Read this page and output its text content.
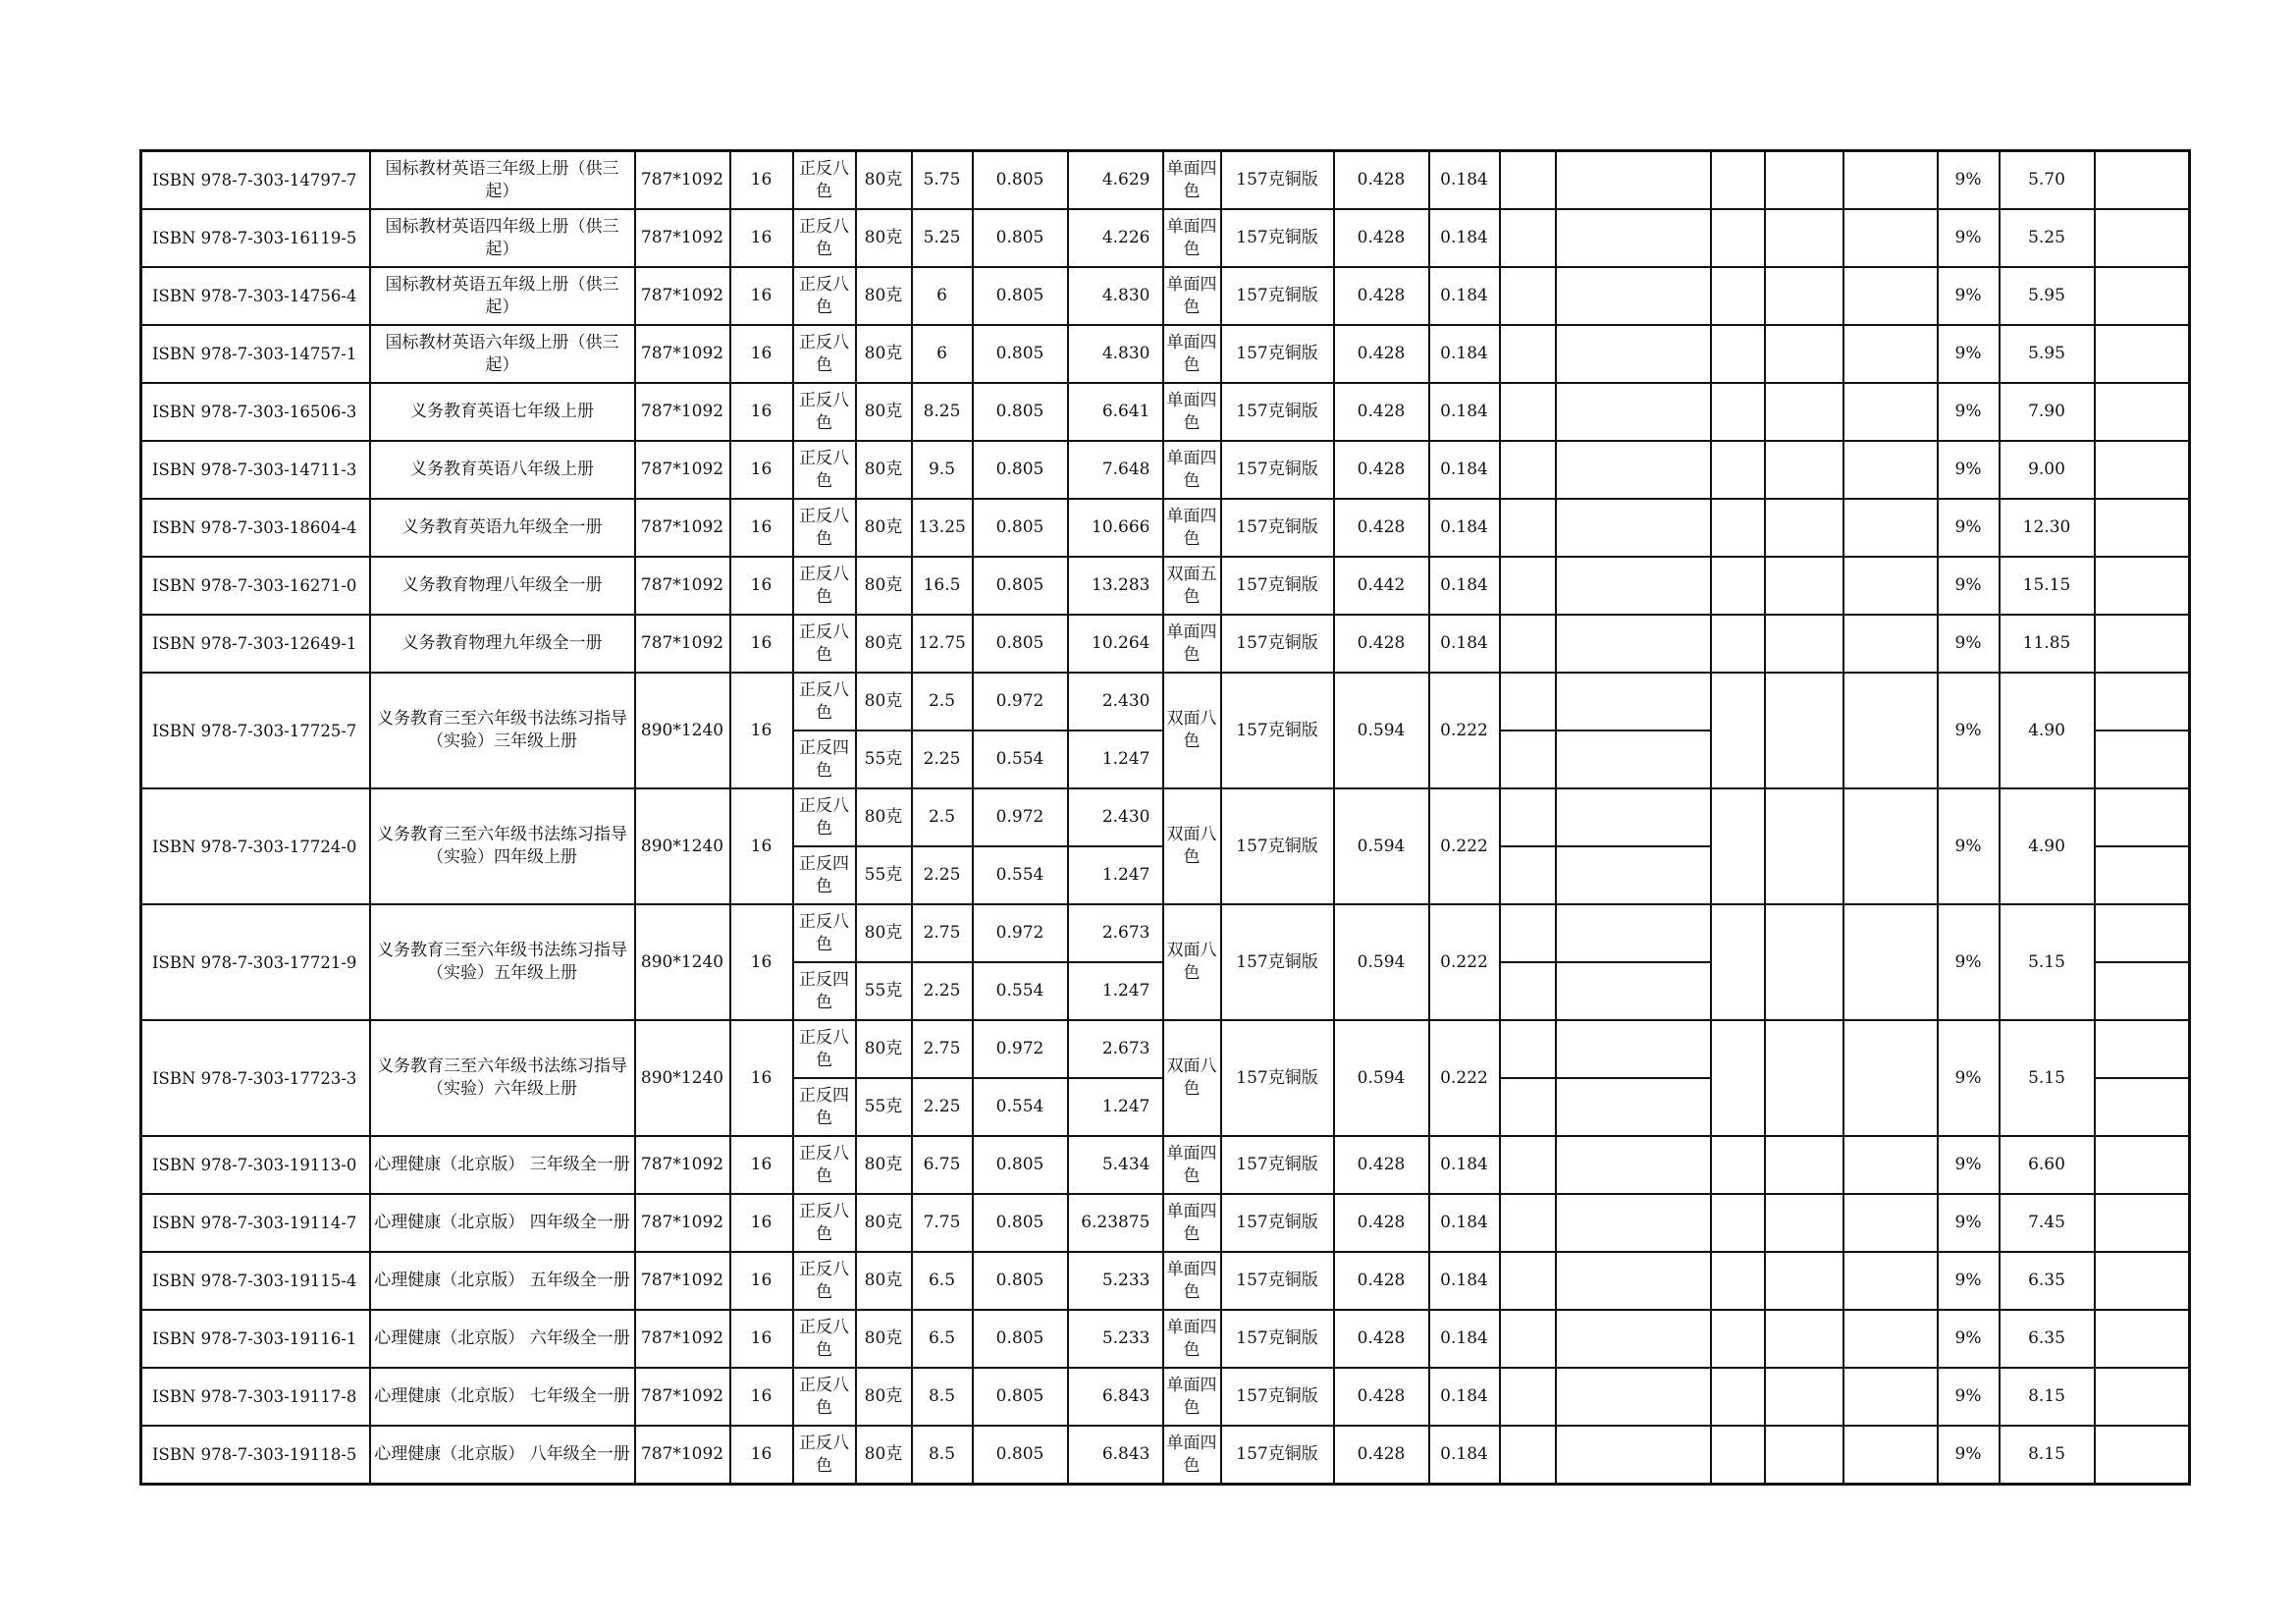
ISBN 978-7-303-14797-7	国标教材英语三年级上册（供三起）	787*1092	16	正反八色	80克	5.75	0.805	4.629	单面四色	157克铜版	0.428	0.184						9%	5.70	
ISBN 978-7-303-16119-5	国标教材英语四年级上册（供三起）	787*1092	16	正反八色	80克	5.25	0.805	4.226	单面四色	157克铜版	0.428	0.184						9%	5.25	
ISBN 978-7-303-14756-4	国标教材英语五年级上册（供三起）	787*1092	16	正反八色	80克	6	0.805	4.830	单面四色	157克铜版	0.428	0.184						9%	5.95	
ISBN 978-7-303-14757-1	国标教材英语六年级上册（供三起）	787*1092	16	正反八色	80克	6	0.805	4.830	单面四色	157克铜版	0.428	0.184						9%	5.95	
ISBN 978-7-303-16506-3	义务教育英语七年级上册	787*1092	16	正反八色	80克	8.25	0.805	6.641	单面四色	157克铜版	0.428	0.184						9%	7.90	
ISBN 978-7-303-14711-3	义务教育英语八年级上册	787*1092	16	正反八色	80克	9.5	0.805	7.648	单面四色	157克铜版	0.428	0.184						9%	9.00	
ISBN 978-7-303-18604-4	义务教育英语九年级全一册	787*1092	16	正反八色	80克	13.25	0.805	10.666	单面四色	157克铜版	0.428	0.184						9%	12.30	
ISBN 978-7-303-16271-0	义务教育物理八年级全一册	787*1092	16	正反八色	80克	16.5	0.805	13.283	双面五色	157克铜版	0.442	0.184						9%	15.15	
ISBN 978-7-303-12649-1	义务教育物理九年级全一册	787*1092	16	正反八色	80克	12.75	0.805	10.264	单面四色	157克铜版	0.428	0.184						9%	11.85	
ISBN 978-7-303-17725-7	义务教育三至六年级书法练习指导（实验）三年级上册	890*1240	16	正反八色	80克	2.5	0.972	2.430	双面八色	157克铜版	0.594	0.222						9%	4.90	
				正反四色	55克	2.25	0.554	1.247												
ISBN 978-7-303-17724-0	义务教育三至六年级书法练习指导（实验）四年级上册	890*1240	16	正反八色	80克	2.5	0.972	2.430	双面八色	157克铜版	0.594	0.222						9%	4.90	
				正反四色	55克	2.25	0.554	1.247												
ISBN 978-7-303-17721-9	义务教育三至六年级书法练习指导（实验）五年级上册	890*1240	16	正反八色	80克	2.75	0.972	2.673	双面八色	157克铜版	0.594	0.222						9%	5.15	
				正反四色	55克	2.25	0.554	1.247												
ISBN 978-7-303-17723-3	义务教育三至六年级书法练习指导（实验）六年级上册	890*1240	16	正反八色	80克	2.75	0.972	2.673	双面八色	157克铜版	0.594	0.222						9%	5.15	
				正反四色	55克	2.25	0.554	1.247												
ISBN 978-7-303-19113-0	心理健康（北京版） 三年级全一册	787*1092	16	正反八色	80克	6.75	0.805	5.434	单面四色	157克铜版	0.428	0.184						9%	6.60	
ISBN 978-7-303-19114-7	心理健康（北京版） 四年级全一册	787*1092	16	正反八色	80克	7.75	0.805	6.23875	单面四色	157克铜版	0.428	0.184						9%	7.45	
ISBN 978-7-303-19115-4	心理健康（北京版） 五年级全一册	787*1092	16	正反八色	80克	6.5	0.805	5.233	单面四色	157克铜版	0.428	0.184						9%	6.35	
ISBN 978-7-303-19116-1	心理健康（北京版） 六年级全一册	787*1092	16	正反八色	80克	6.5	0.805	5.233	单面四色	157克铜版	0.428	0.184						9%	6.35	
ISBN 978-7-303-19117-8	心理健康（北京版） 七年级全一册	787*1092	16	正反八色	80克	8.5	0.805	6.843	单面四色	157克铜版	0.428	0.184						9%	8.15	
ISBN 978-7-303-19118-5	心理健康（北京版） 八年级全一册	787*1092	16	正反八色	80克	8.5	0.805	6.843	单面四色	157克铜版	0.428	0.184						9%	8.15	
